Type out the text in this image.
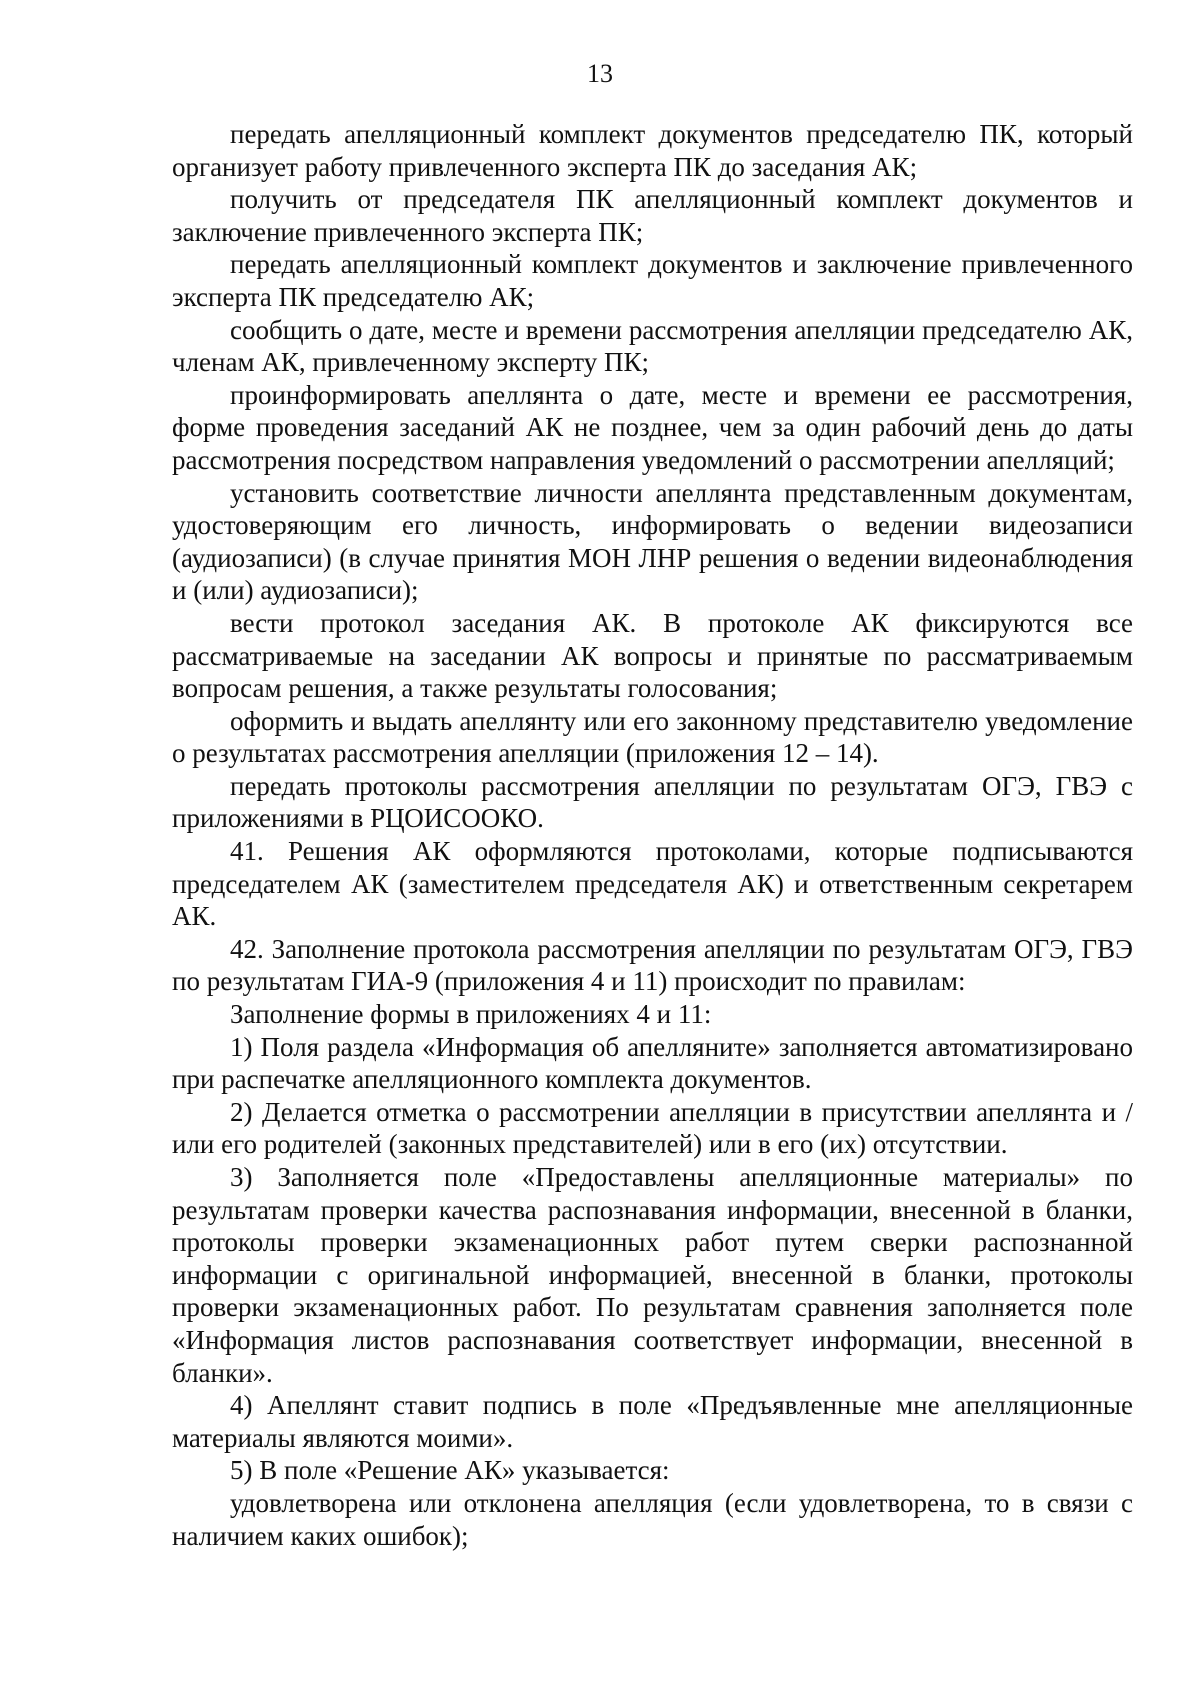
13

передать апелляционный комплект документов председателю ПК, который организует работу привлеченного эксперта ПК до заседания АК;

получить от председателя ПК апелляционный комплект документов и заключение привлеченного эксперта ПК;

передать апелляционный комплект документов и заключение привлеченного эксперта ПК председателю АК;

сообщить о дате, месте и времени рассмотрения апелляции председателю АК, членам АК, привлеченному эксперту ПК;

проинформировать апеллянта о дате, месте и времени ее рассмотрения, форме проведения заседаний АК не позднее, чем за один рабочий день до даты рассмотрения посредством направления уведомлений о рассмотрении апелляций;

установить соответствие личности апеллянта представленным документам, удостоверяющим его личность, информировать о ведении видеозаписи (аудиозаписи) (в случае принятия МОН ЛНР решения о ведении видеонаблюдения и (или) аудиозаписи);

вести протокол заседания АК. В протоколе АК фиксируются все рассматриваемые на заседании АК вопросы и принятые по рассматриваемым вопросам решения, а также результаты голосования;

оформить и выдать апеллянту или его законному представителю уведомление о результатах рассмотрения апелляции (приложения 12 – 14).

передать протоколы рассмотрения апелляции по результатам ОГЭ, ГВЭ с приложениями в РЦОИСООКО.

41. Решения АК оформляются протоколами, которые подписываются председателем АК (заместителем председателя АК) и ответственным секретарем АК.

42. Заполнение протокола рассмотрения апелляции по результатам ОГЭ, ГВЭ по результатам ГИА-9 (приложения 4 и 11) происходит по правилам:

Заполнение формы в приложениях 4 и 11:

1) Поля раздела «Информация об апелляните» заполняется автоматизировано при распечатке апелляционного комплекта документов.

2) Делается отметка о рассмотрении апелляции в присутствии апеллянта и /или его родителей (законных представителей) или в его (их) отсутствии.

3) Заполняется поле «Предоставлены апелляционные материалы» по результатам проверки качества распознавания информации, внесенной в бланки, протоколы проверки экзаменационных работ путем сверки распознанной информации с оригинальной информацией, внесенной в бланки, протоколы проверки экзаменационных работ. По результатам сравнения заполняется поле «Информация листов распознавания соответствует информации, внесенной в бланки».

4) Апеллянт ставит подпись в поле «Предъявленные мне апелляционные материалы являются моими».

5) В поле «Решение АК» указывается:

удовлетворена или отклонена апелляция (если удовлетворена, то в связи с наличием каких ошибок);
